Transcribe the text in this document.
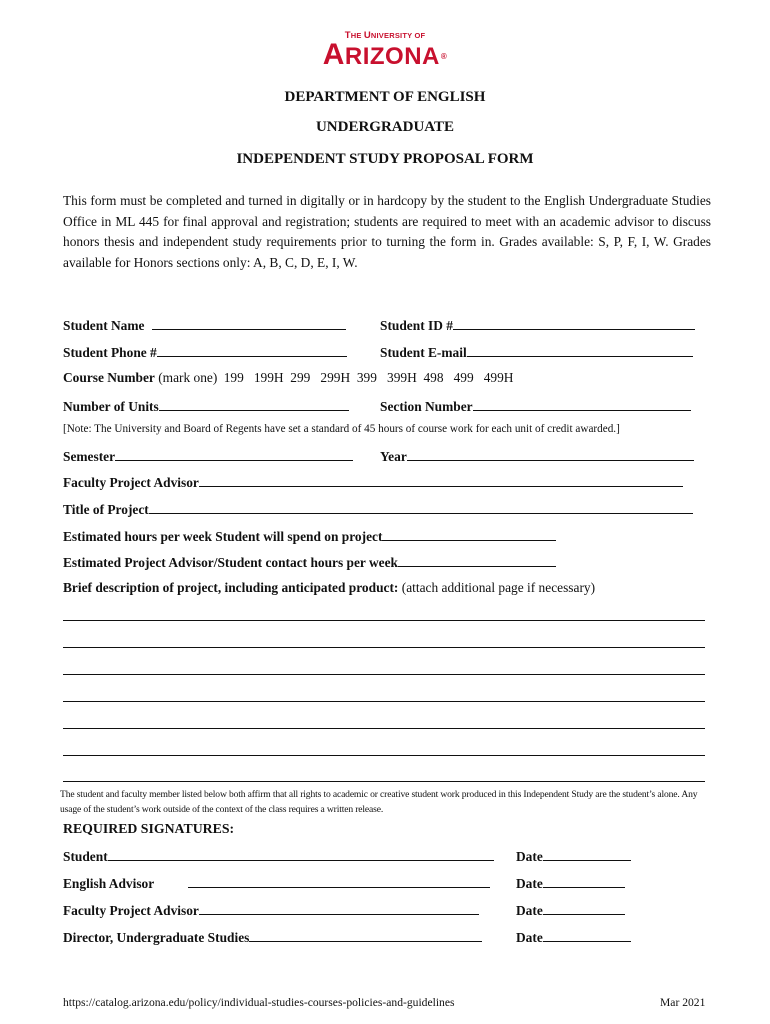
THE UNIVERSITY OF
ARIZONA®
DEPARTMENT OF ENGLISH
UNDERGRADUATE
INDEPENDENT STUDY PROPOSAL FORM
This form must be completed and turned in digitally or in hardcopy by the student to the English Undergraduate Studies Office in ML 445 for final approval and registration; students are required to meet with an academic advisor to discuss honors thesis and independent study requirements prior to turning the form in. Grades available: S, P, F, I, W. Grades available for Honors sections only: A, B, C, D, E, I, W.
Student Name	Student ID #
Student Phone #	Student E-mail
Course Number (mark one) 199   199H  299   299H  399   399H  498   499   499H
Number of Units	Section Number
[Note: The University and Board of Regents have set a standard of 45 hours of course work for each unit of credit awarded.]
Semester	Year
Faculty Project Advisor
Title of Project
Estimated hours per week Student will spend on project
Estimated Project Advisor/Student contact hours per week
Brief description of project, including anticipated product: (attach additional page if necessary)
The student and faculty member listed below both affirm that all rights to academic or creative student work produced in this Independent Study are the student’s alone. Any usage of the student’s work outside of the context of the class requires a written release.
REQUIRED SIGNATURES:
Student	Date
English Advisor	Date
Faculty Project Advisor	Date
Director, Undergraduate Studies	Date
https://catalog.arizona.edu/policy/individual-studies-courses-policies-and-guidelines	Mar 2021
